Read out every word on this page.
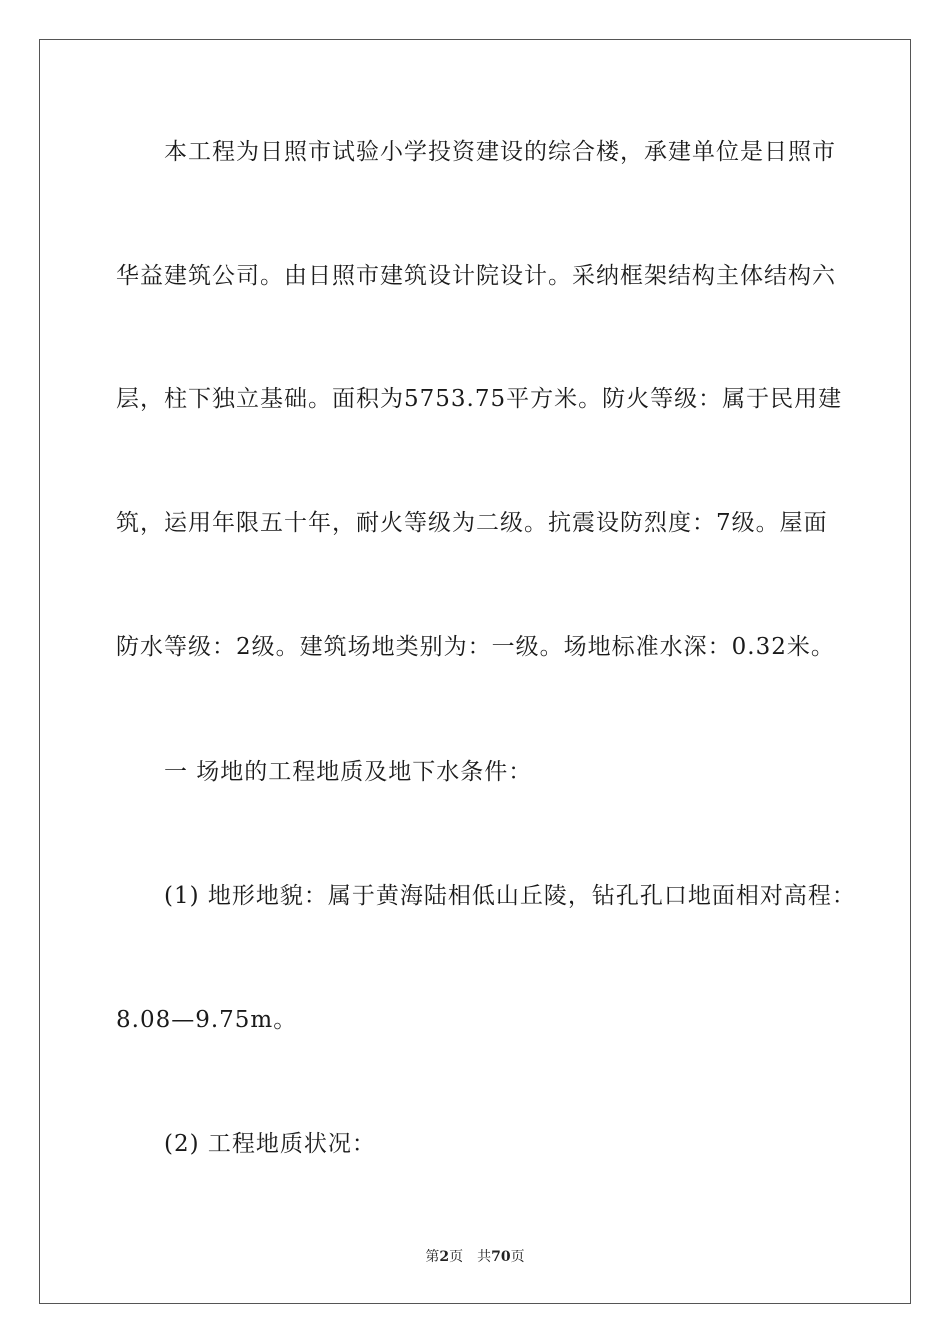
本工程为日照市试验小学投资建设的综合楼，承建单位是日照市
华益建筑公司。由日照市建筑设计院设计。采纳框架结构主体结构六
层，柱下独立基础。面积为5753.75平方米。防火等级：属于民用建
筑，运用年限五十年，耐火等级为二级。抗震设防烈度：7级。屋面
防水等级：2级。建筑场地类别为：一级。场地标准水深：0.32米。
一 场地的工程地质及地下水条件：
(1) 地形地貌：属于黄海陆相低山丘陵，钻孔孔口地面相对高程：
8.08—9.75m。
(2) 工程地质状况：
第2页 共70页
